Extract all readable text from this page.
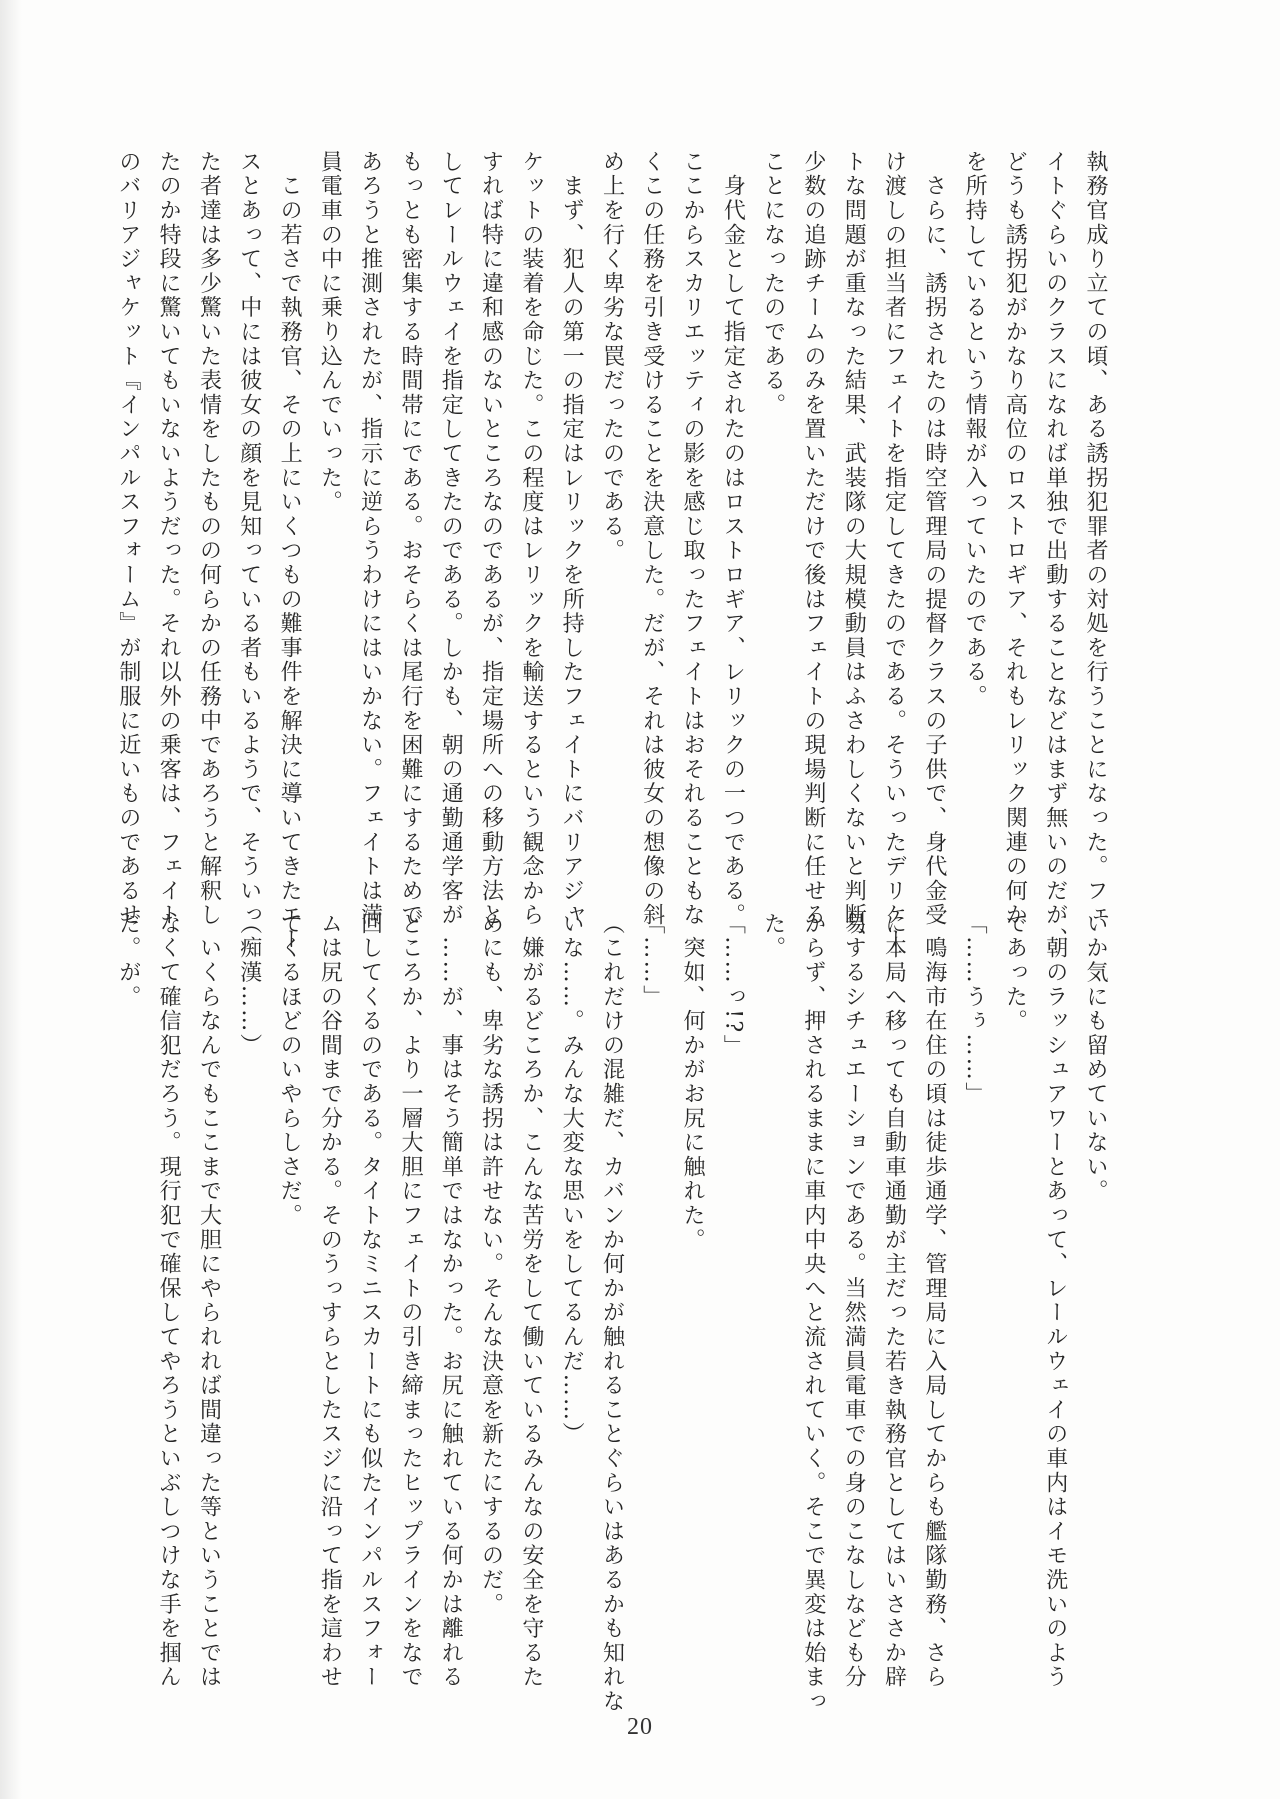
執務官成り立ての頃、ある誘拐犯罪者の対処を行うことになった。フェ
イトぐらいのクラスになれば単独で出動することなどはまず無いのだが、
どうも誘拐犯がかなり高位のロストロギア、それもレリック関連の何か
を所持しているという情報が入っていたのである。
　さらに、誘拐されたのは時空管理局の提督クラスの子供で、身代金受
け渡しの担当者にフェイトを指定してきたのである。そういったデリケー
トな問題が重なった結果、武装隊の大規模動員はふさわしくないと判断、
少数の追跡チームのみを置いただけで後はフェイトの現場判断に任せる
ことになったのである。
　身代金として指定されたのはロストロギア、レリックの一つである。
ここからスカリエッティの影を感じ取ったフェイトはおそれることもな
くこの任務を引き受けることを決意した。だが、それは彼女の想像の斜
め上を行く卑劣な罠だったのである。
　まず、犯人の第一の指定はレリックを所持したフェイトにバリアジャ
ケットの装着を命じた。この程度はレリックを輸送するという観念から
すれば特に違和感のないところなのであるが、指定場所への移動方法と
してレールウェイを指定してきたのである。しかも、朝の通勤通学客が
もっとも密集する時間帯にである。おそらくは尾行を困難にするためで
あろうと推測されたが、指示に逆らうわけにはいかない。フェイトは満
員電車の中に乗り込んでいった。
　この若さで執務官、その上にいくつもの難事件を解決に導いてきたエー
スとあって、中には彼女の顔を見知っている者もいるようで、そういっ
た者達は多少驚いた表情をしたものの何らかの任務中であろうと解釈し
たのか特段に驚いてもいないようだった。それ以外の乗客は、フェイト
のバリアジャケット『インパルスフォーム』が制服に近いものであるせ
いか気にも留めていない。
　朝のラッシュアワーとあって、レールウェイの車内はイモ洗いのよう
であった。
「……うぅ……」
　鳴海市在住の頃は徒歩通学、管理局に入局してからも艦隊勤務、さら
に本局へ移っても自動車通勤が主だった若き執務官としてはいささか辟
易するシチュエーションである。当然満員電車での身のこなしなども分
からず、押されるままに車内中央へと流されていく。そこで異変は始まっ
た。
「……っ!?」
　突如、何かがお尻に触れた。
「……」
（これだけの混雑だ、カバンか何かが触れることぐらいはあるかも知れな
いな……。みんな大変な思いをしてるんだ……）
　嫌がるどころか、こんな苦労をして働いているみんなの安全を守るた
めにも、卑劣な誘拐は許せない。そんな決意を新たにするのだ。
　……が、事はそう簡単ではなかった。お尻に触れている何かは離れる
どころか、より一層大胆にフェイトの引き締まったヒップラインをなで
回してくるのである。タイトなミニスカートにも似たインパルスフォー
ムは尻の谷間まで分かる。そのうっすらとしたスジに沿って指を這わせ
てくるほどのいやらしさだ。
（痴漢……）
　いくらなんでもここまで大胆にやられれば間違った等ということでは
なくて確信犯だろう。現行犯で確保してやろうといぶしつけな手を掴ん
だ。が。
20
